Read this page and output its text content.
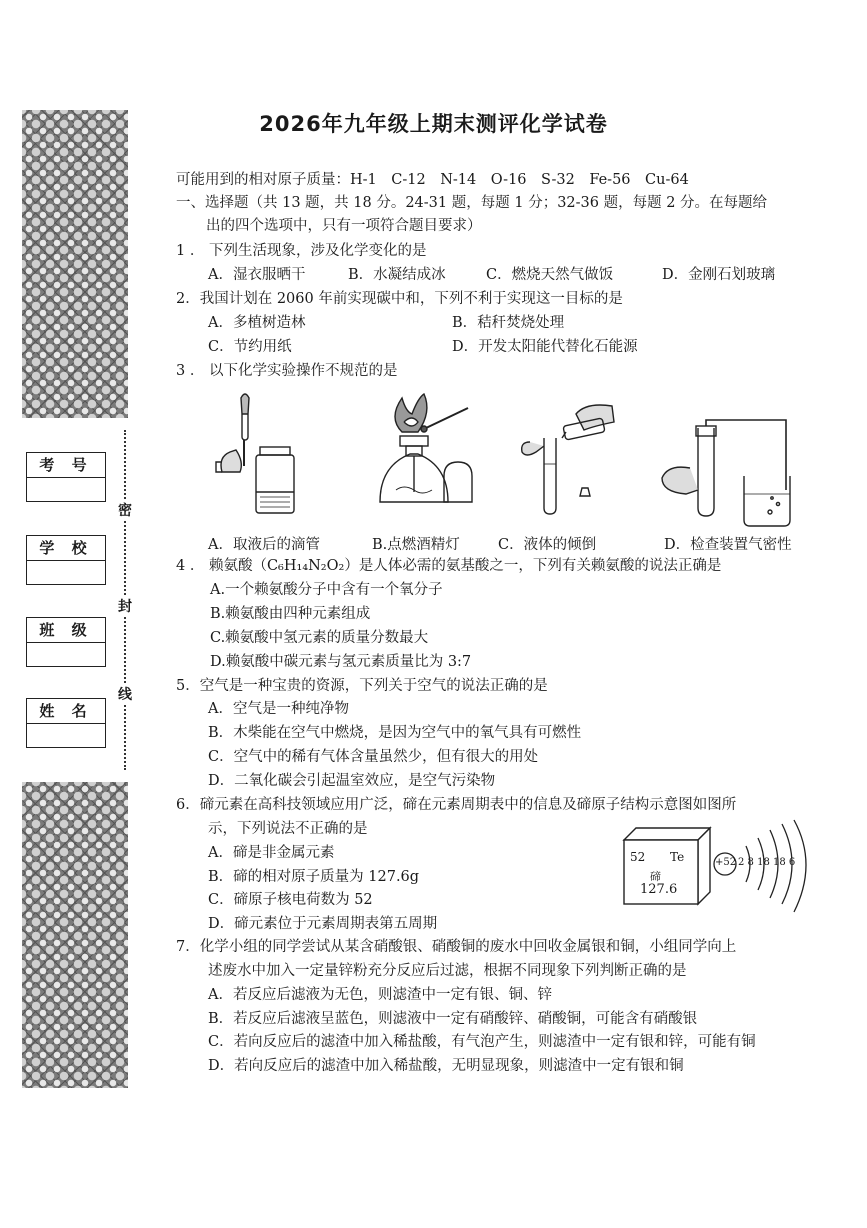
考 号
学 校
班 级
姓 名
密
封
线
2026年九年级上期末测评化学试卷
可能用到的相对原子质量：H-1　C-12　N-14　O-16　S-32　Fe-56　Cu-64
一、选择题（共 13 题，共 18 分。24-31 题，每题 1 分；32-36 题，每题 2 分。在每题给
出的四个选项中，只有一项符合题目要求）
1 ． 下列生活现象，涉及化学变化的是
A．湿衣服晒干	B．水凝结成冰	C．燃烧天然气做饭	D．金刚石划玻璃
2．我国计划在 2060 年前实现碳中和，下列不利于实现这一目标的是
A．多植树造林	B．秸秆焚烧处理
C．节约用纸	D．开发太阳能代替化石能源
3 ． 以下化学实验操作不规范的是
A．取液后的滴管	B.点燃酒精灯	C．液体的倾倒	D．检查装置气密性
4 ． 赖氨酸（C₆H₁₄N₂O₂）是人体必需的氨基酸之一，下列有关赖氨酸的说法正确是
A.一个赖氨酸分子中含有一个氧分子
B.赖氨酸由四种元素组成
C.赖氨酸中氢元素的质量分数最大
D.赖氨酸中碳元素与氢元素质量比为 3:7
5．空气是一种宝贵的资源，下列关于空气的说法正确的是
A．空气是一种纯净物
B．木柴能在空气中燃烧，是因为空气中的氧气具有可燃性
C．空气中的稀有气体含量虽然少，但有很大的用处
D．二氧化碳会引起温室效应，是空气污染物
6．碲元素在高科技领域应用广泛，碲在元素周期表中的信息及碲原子结构示意图如图所
示，下列说法不正确的是
A．碲是非金属元素
B．碲的相对原子质量为 127.6g
C．碲原子核电荷数为 52
D．碲元素位于元素周期表第五周期
52 Te
碲
127.6
+52 2 8 18 18 6
7．化学小组的同学尝试从某含硝酸银、硝酸铜的废水中回收金属银和铜，小组同学向上
述废水中加入一定量锌粉充分反应后过滤，根据不同现象下列判断正确的是
A．若反应后滤液为无色，则滤渣中一定有银、铜、锌
B．若反应后滤液呈蓝色，则滤液中一定有硝酸锌、硝酸铜，可能含有硝酸银
C．若向反应后的滤渣中加入稀盐酸，有气泡产生，则滤渣中一定有银和锌，可能有铜
D．若向反应后的滤渣中加入稀盐酸，无明显现象，则滤渣中一定有银和铜
